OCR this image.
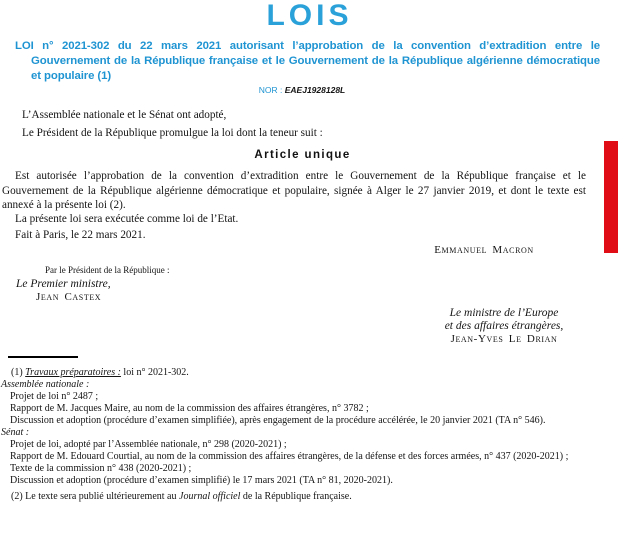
LOIS
LOI n° 2021-302 du 22 mars 2021 autorisant l’approbation de la convention d’extradition entre le Gouvernement de la République française et le Gouvernement de la République algérienne démocratique et populaire (1)
NOR : EAEJ1928128L

L’Assemblée nationale et le Sénat ont adopté,

Le Président de la République promulgue la loi dont la teneur suit :

Article unique

Est autorisée l’approbation de la convention d’extradition entre le Gouvernement de la République française et le Gouvernement de la République algérienne démocratique et populaire, signée à Alger le 27 janvier 2019, et dont le texte est annexé à la présente loi (2).

La présente loi sera exécutée comme loi de l’Etat.

Fait à Paris, le 22 mars 2021.

Emmanuel Macron
Par le Président de la République :
Le Premier ministre,
Jean Castex
Le ministre de l’Europe
et des affaires étrangères,
Jean-Yves Le Drian

(1) Travaux préparatoires : loi n° 2021-302.

Assemblée nationale :

Projet de loi n° 2487 ;

Rapport de M. Jacques Maire, au nom de la commission des affaires étrangères, n° 3782 ;

Discussion et adoption (procédure d’examen simplifiée), après engagement de la procédure accélérée, le 20 janvier 2021 (TA n° 546).

Sénat :

Projet de loi, adopté par l’Assemblée nationale, n° 298 (2020-2021) ;

Rapport de M. Edouard Courtial, au nom de la commission des affaires étrangères, de la défense et des forces armées, n° 437 (2020-2021) ;

Texte de la commission n° 438 (2020-2021) ;

Discussion et adoption (procédure d’examen simplifié) le 17 mars 2021 (TA n° 81, 2020-2021).

(2) Le texte sera publié ultérieurement au Journal officiel de la République française.
